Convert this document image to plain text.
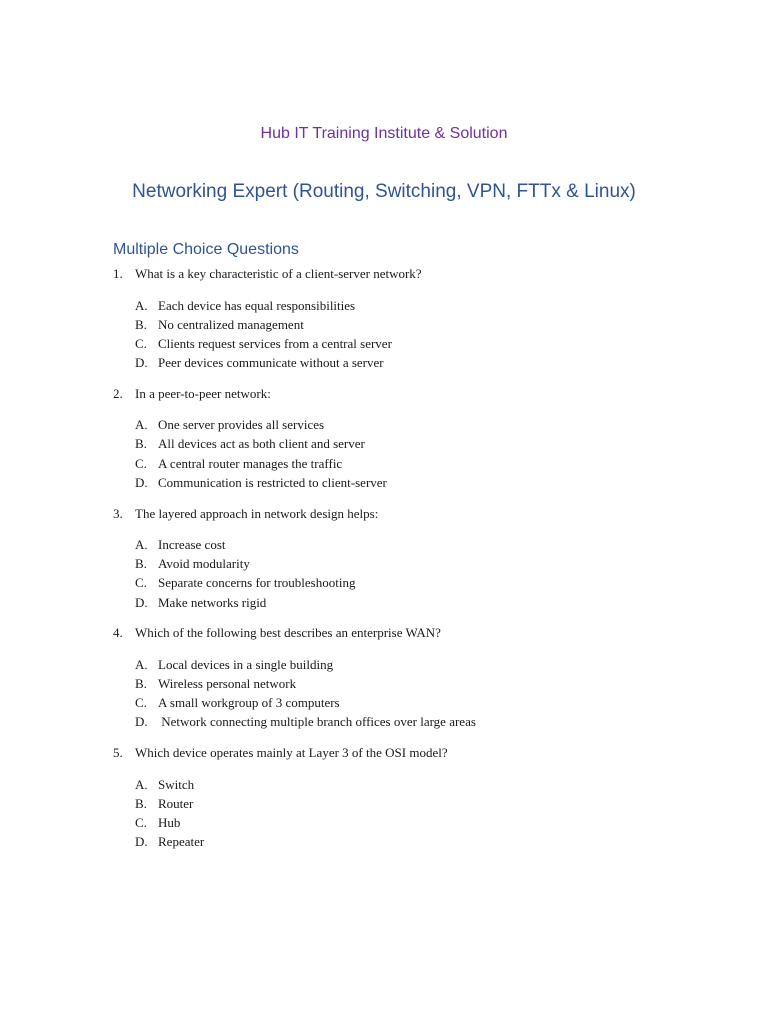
Hub IT Training Institute & Solution
Networking Expert (Routing, Switching, VPN, FTTx & Linux)
Multiple Choice Questions
1. What is a key characteristic of a client-server network?
A. Each device has equal responsibilities
B. No centralized management
C. Clients request services from a central server
D. Peer devices communicate without a server
2. In a peer-to-peer network:
A. One server provides all services
B. All devices act as both client and server
C. A central router manages the traffic
D. Communication is restricted to client-server
3. The layered approach in network design helps:
A. Increase cost
B. Avoid modularity
C. Separate concerns for troubleshooting
D. Make networks rigid
4. Which of the following best describes an enterprise WAN?
A. Local devices in a single building
B. Wireless personal network
C. A small workgroup of 3 computers
D. Network connecting multiple branch offices over large areas
5. Which device operates mainly at Layer 3 of the OSI model?
A. Switch
B. Router
C. Hub
D. Repeater
